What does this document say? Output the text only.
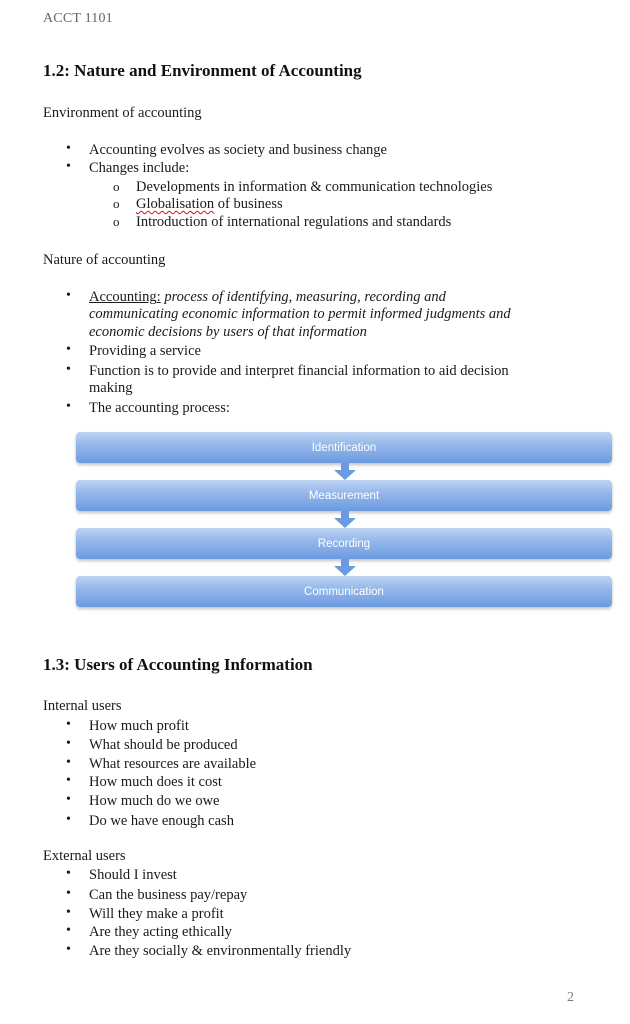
ACCT 1101
1.2: Nature and Environment of Accounting
Environment of accounting
• Accounting evolves as society and business change
• Changes include:
o Developments in information & communication technologies
o Globalisation of business
o Introduction of international regulations and standards
Nature of accounting
• Accounting: process of identifying, measuring, recording and
communicating economic information to permit informed judgments and
economic decisions by users of that information
• Providing a service
• Function is to provide and interpret financial information to aid decision
making
• The accounting process:
Identification
Measurement
Recording
Communication
1.3: Users of Accounting Information
Internal users
• How much profit
• What should be produced
• What resources are available
• How much does it cost
• How much do we owe
• Do we have enough cash
External users
• Should I invest
• Can the business pay/repay
• Will they make a profit
• Are they acting ethically
• Are they socially & environmentally friendly
2
